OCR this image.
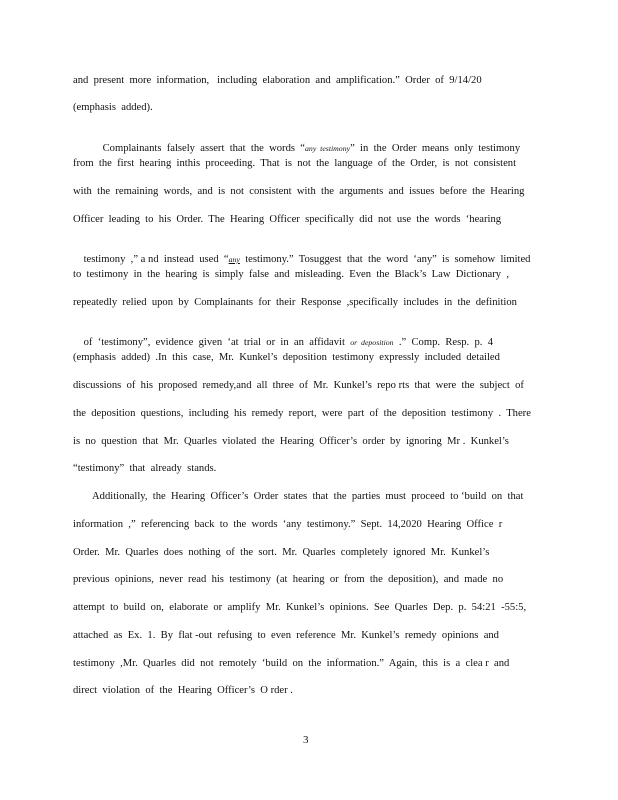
and  present  more  information,   including  elaboration  and  amplification.”  Order  of  9/14/20
(emphasis  added).

Complainants  falsely  assert  that  the  words  “any  testimony”  in  the  Order  means  only  testimony

from  the  first  hearing  inthis  proceeding.  That  is  not  the  language  of  the  Order,  is  not  consistent
with  the  remaining  words,  and  is  not  consistent  with  the  arguments  and  issues  before  the  Hearing
Officer  leading  to  his  Order.  The  Hearing  Officer  specifically  did  not  use  the  words  ‘hearing

testimony  ,” a nd  instead  used  “any  testimony.”  Tosuggest  that  the  word  ‘any”  is  somehow  limited

to  testimony  in  the  hearing  is  simply  false  and  misleading.  Even  the  Black’s  Law  Dictionary  ,
repeatedly  relied  upon  by  Complainants  for  their  Response  ,specifically  includes  in  the  definition

of  ‘testimony”,  evidence  given  ‘at  trial  or  in  an  affidavit or  deposition  .”  Comp.  Resp.  p.  4

(emphasis  added)  .In  this  case,  Mr.  Kunkel’s  deposition  testimony  expressly  included  detailed
discussions  of  his  proposed  remedy,and  all  three  of  Mr.  Kunkel’s  repo rts  that  were  the  subject  of
the  deposition  questions,  including  his  remedy  report,  were  part  of  the  deposition  testimony  .  There
is  no  question  that  Mr.  Quarles  violated  the  Hearing  Officer’s  order  by  ignoring  Mr .  Kunkel’s
“testimony”  that  already  stands.
Additionally,  the  Hearing  Officer’s  Order  states  that  the  parties  must  proceed  to ‘build  on  that
information  ,”  referencing  back  to  the  words  ‘any  testimony.”  Sept.  14,2020  Hearing  Office  r
Order.  Mr.  Quarles  does  nothing  of  the  sort.  Mr.  Quarles  completely  ignored  Mr.  Kunkel’s
previous  opinions,  never  read  his  testimony  (at  hearing  or  from  the  deposition),  and  made  no
attempt  to  build  on,  elaborate  or  amplify  Mr.  Kunkel’s  opinions.  See  Quarles  Dep.  p.  54:21  -55:5,
attached  as  Ex.  1.  By  flat -out  refusing  to  even  reference  Mr.  Kunkel’s  remedy  opinions  and
testimony  ,Mr.  Quarles  did  not  remotely  ‘build  on  the  information.”  Again,  this  is  a  clea r  and
direct  violation  of  the  Hearing  Officer’s  O rder .
3
